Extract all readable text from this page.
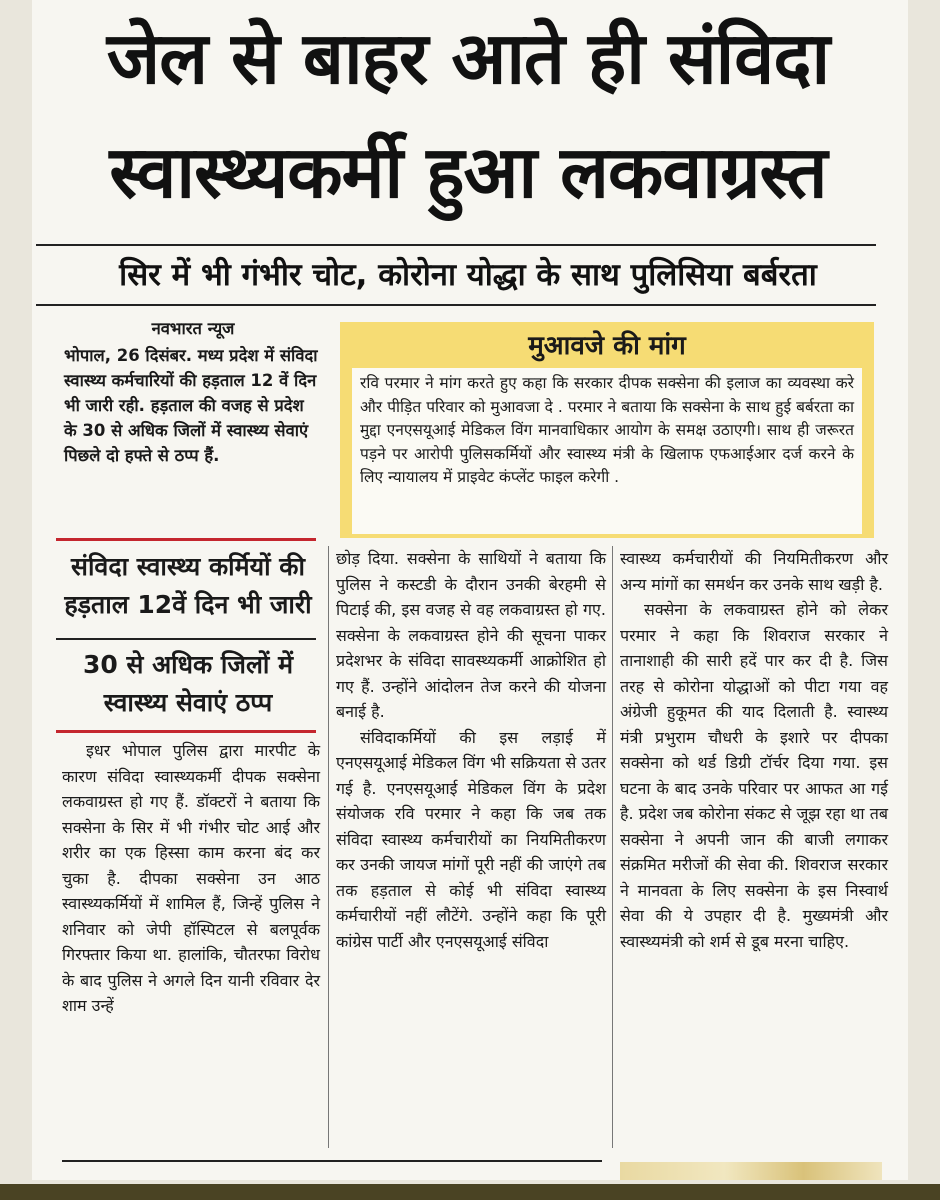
जेल से बाहर आते ही संविदा
स्वास्थ्यकर्मी हुआ लकवाग्रस्त
सिर में भी गंभीर चोट, कोरोना योद्धा के साथ पुलिसिया बर्बरता
नवभारत न्यूज
भोपाल, 26 दिसंबर. मध्य प्रदेश में संविदा स्वास्थ्य कर्मचारियों की हड़ताल 12 वें दिन भी जारी रही. हड़ताल की वजह से प्रदेश के 30 से अधिक जिलों में स्वास्थ्य सेवाएं पिछले दो हफ्ते से ठप्प हैं.
मुआवजे की मांग
रवि परमार ने मांग करते हुए कहा कि सरकार दीपक सक्सेना की इलाज का व्यवस्था करे और पीड़ित परिवार को मुआवजा दे . परमार ने बताया कि सक्सेना के साथ हुई बर्बरता का मुद्दा एनएसयूआई मेडिकल विंग मानवाधिकार आयोग के समक्ष उठाएगी। साथ ही जरूरत पड़ने पर आरोपी पुलिसकर्मियों और स्वास्थ्य मंत्री के खिलाफ एफआईआर दर्ज करने के लिए न्यायालय में प्राइवेट कंप्लेंट फाइल करेगी .
संविदा स्वास्थ्य कर्मियों की
हड़ताल 12वें दिन भी जारी
30 से अधिक जिलों में
स्वास्थ्य सेवाएं ठप्प

इधर भोपाल पुलिस द्वारा मारपीट के कारण संविदा स्वास्थ्यकर्मी दीपक सक्सेना लकवाग्रस्त हो गए हैं. डॉक्टरों ने बताया कि सक्सेना के सिर में भी गंभीर चोट आई और शरीर का एक हिस्सा काम करना बंद कर चुका है. दीपका सक्सेना उन आठ स्वास्थ्यकर्मियों में शामिल हैं, जिन्हें पुलिस ने शनिवार को जेपी हॉस्पिटल से बलपूर्वक गिरफ्तार किया था. हालांकि, चौतरफा विरोध के बाद पुलिस ने अगले दिन यानी रविवार देर शाम उन्हें

छोड़ दिया. सक्सेना के साथियों ने बताया कि पुलिस ने कस्टडी के दौरान उनकी बेरहमी से पिटाई की, इस वजह से वह लकवाग्रस्त हो गए. सक्सेना के लकवाग्रस्त होने की सूचना पाकर प्रदेशभर के संविदा सावस्थ्यकर्मी आक्रोशित हो गए हैं. उन्होंने आंदोलन तेज करने की योजना बनाई है.

संविदाकर्मियों की इस लड़ाई में एनएसयूआई मेडिकल विंग भी सक्रियता से उतर गई है. एनएसयूआई मेडिकल विंग के प्रदेश संयोजक रवि परमार ने कहा कि जब तक संविदा स्वास्थ्य कर्मचारीयों का नियमितीकरण कर उनकी जायज मांगों पूरी नहीं की जाएंगे तब तक हड़ताल से कोई भी संविदा स्वास्थ्य कर्मचारीयों नहीं लौटेंगे. उन्होंने कहा कि पूरी कांग्रेस पार्टी और एनएसयूआई संविदा

स्वास्थ्य कर्मचारीयों की नियमितीकरण और अन्य मांगों का समर्थन कर उनके साथ खड़ी है.

सक्सेना के लकवाग्रस्त होने को लेकर परमार ने कहा कि शिवराज सरकार ने तानाशाही की सारी हदें पार कर दी है. जिस तरह से कोरोना योद्धाओं को पीटा गया वह अंग्रेजी हुकूमत की याद दिलाती है. स्वास्थ्य मंत्री प्रभुराम चौधरी के इशारे पर दीपका सक्सेना को थर्ड डिग्री टॉर्चर दिया गया. इस घटना के बाद उनके परिवार पर आफत आ गई है. प्रदेश जब कोरोना संकट से जूझ रहा था तब सक्सेना ने अपनी जान की बाजी लगाकर संक्रमित मरीजों की सेवा की. शिवराज सरकार ने मानवता के लिए सक्सेना के इस निस्वार्थ सेवा की ये उपहार दी है. मुख्यमंत्री और स्वास्थ्यमंत्री को शर्म से डूब मरना चाहिए.
